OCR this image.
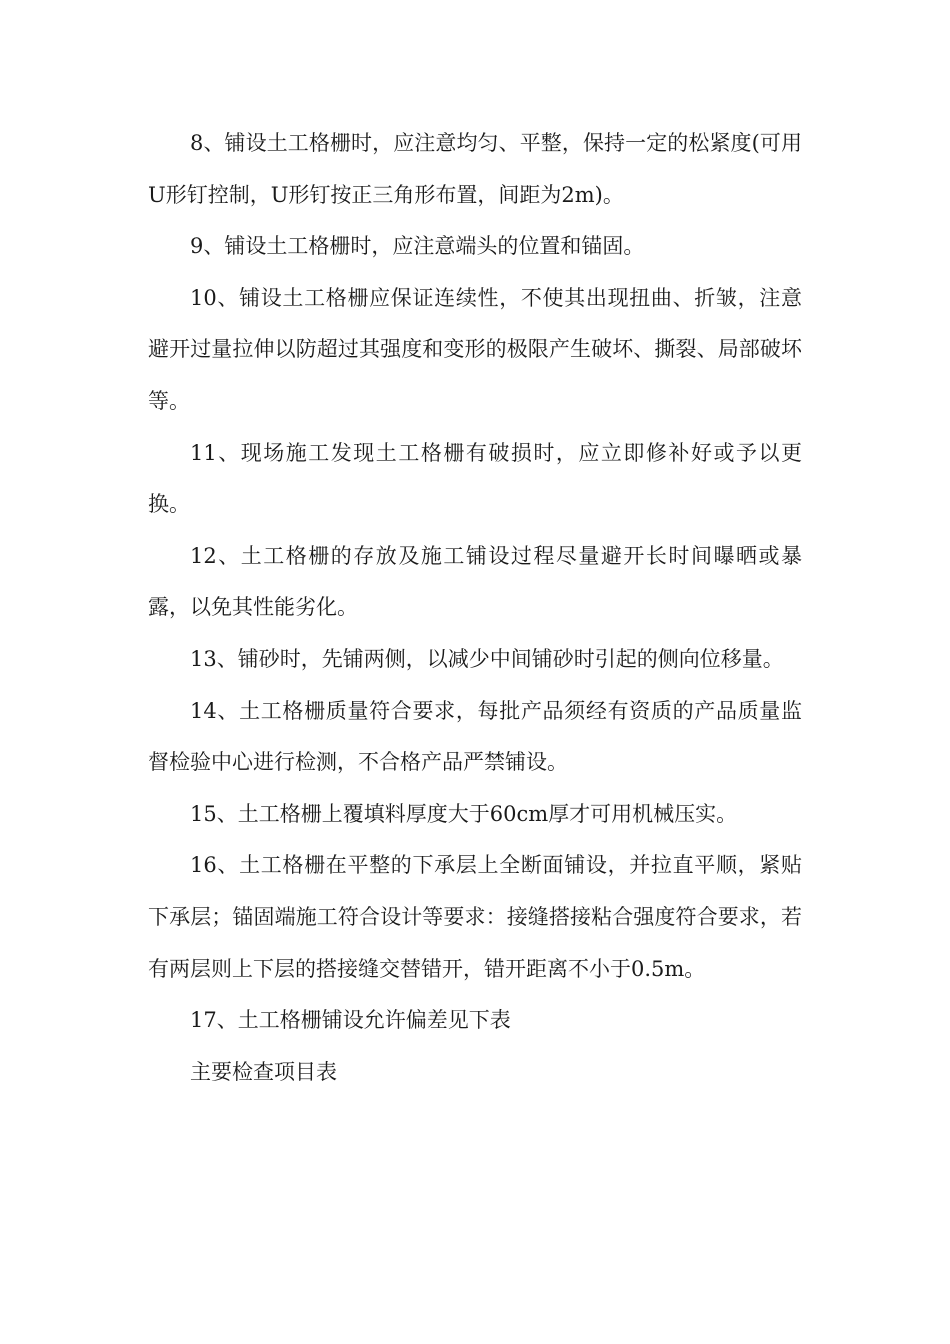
8、铺设土工格栅时，应注意均匀、平整，保持一定的松紧度(可用U形钉控制，U形钉按正三角形布置，间距为2m)。

9、铺设土工格栅时，应注意端头的位置和锚固。

10、铺设土工格栅应保证连续性，不使其出现扭曲、折皱，注意避开过量拉伸以防超过其强度和变形的极限产生破坏、撕裂、局部破坏等。

11、现场施工发现土工格栅有破损时，应立即修补好或予以更换。

12、土工格栅的存放及施工铺设过程尽量避开长时间曝晒或暴露，以免其性能劣化。

13、铺砂时，先铺两侧，以减少中间铺砂时引起的侧向位移量。

14、土工格栅质量符合要求，每批产品须经有资质的产品质量监督检验中心进行检测，不合格产品严禁铺设。

15、土工格栅上覆填料厚度大于60cm厚才可用机械压实。

16、土工格栅在平整的下承层上全断面铺设，并拉直平顺，紧贴下承层；锚固端施工符合设计等要求：接缝搭接粘合强度符合要求，若有两层则上下层的搭接缝交替错开，错开距离不小于0.5m。

17、土工格栅铺设允许偏差见下表

主要检查项目表
